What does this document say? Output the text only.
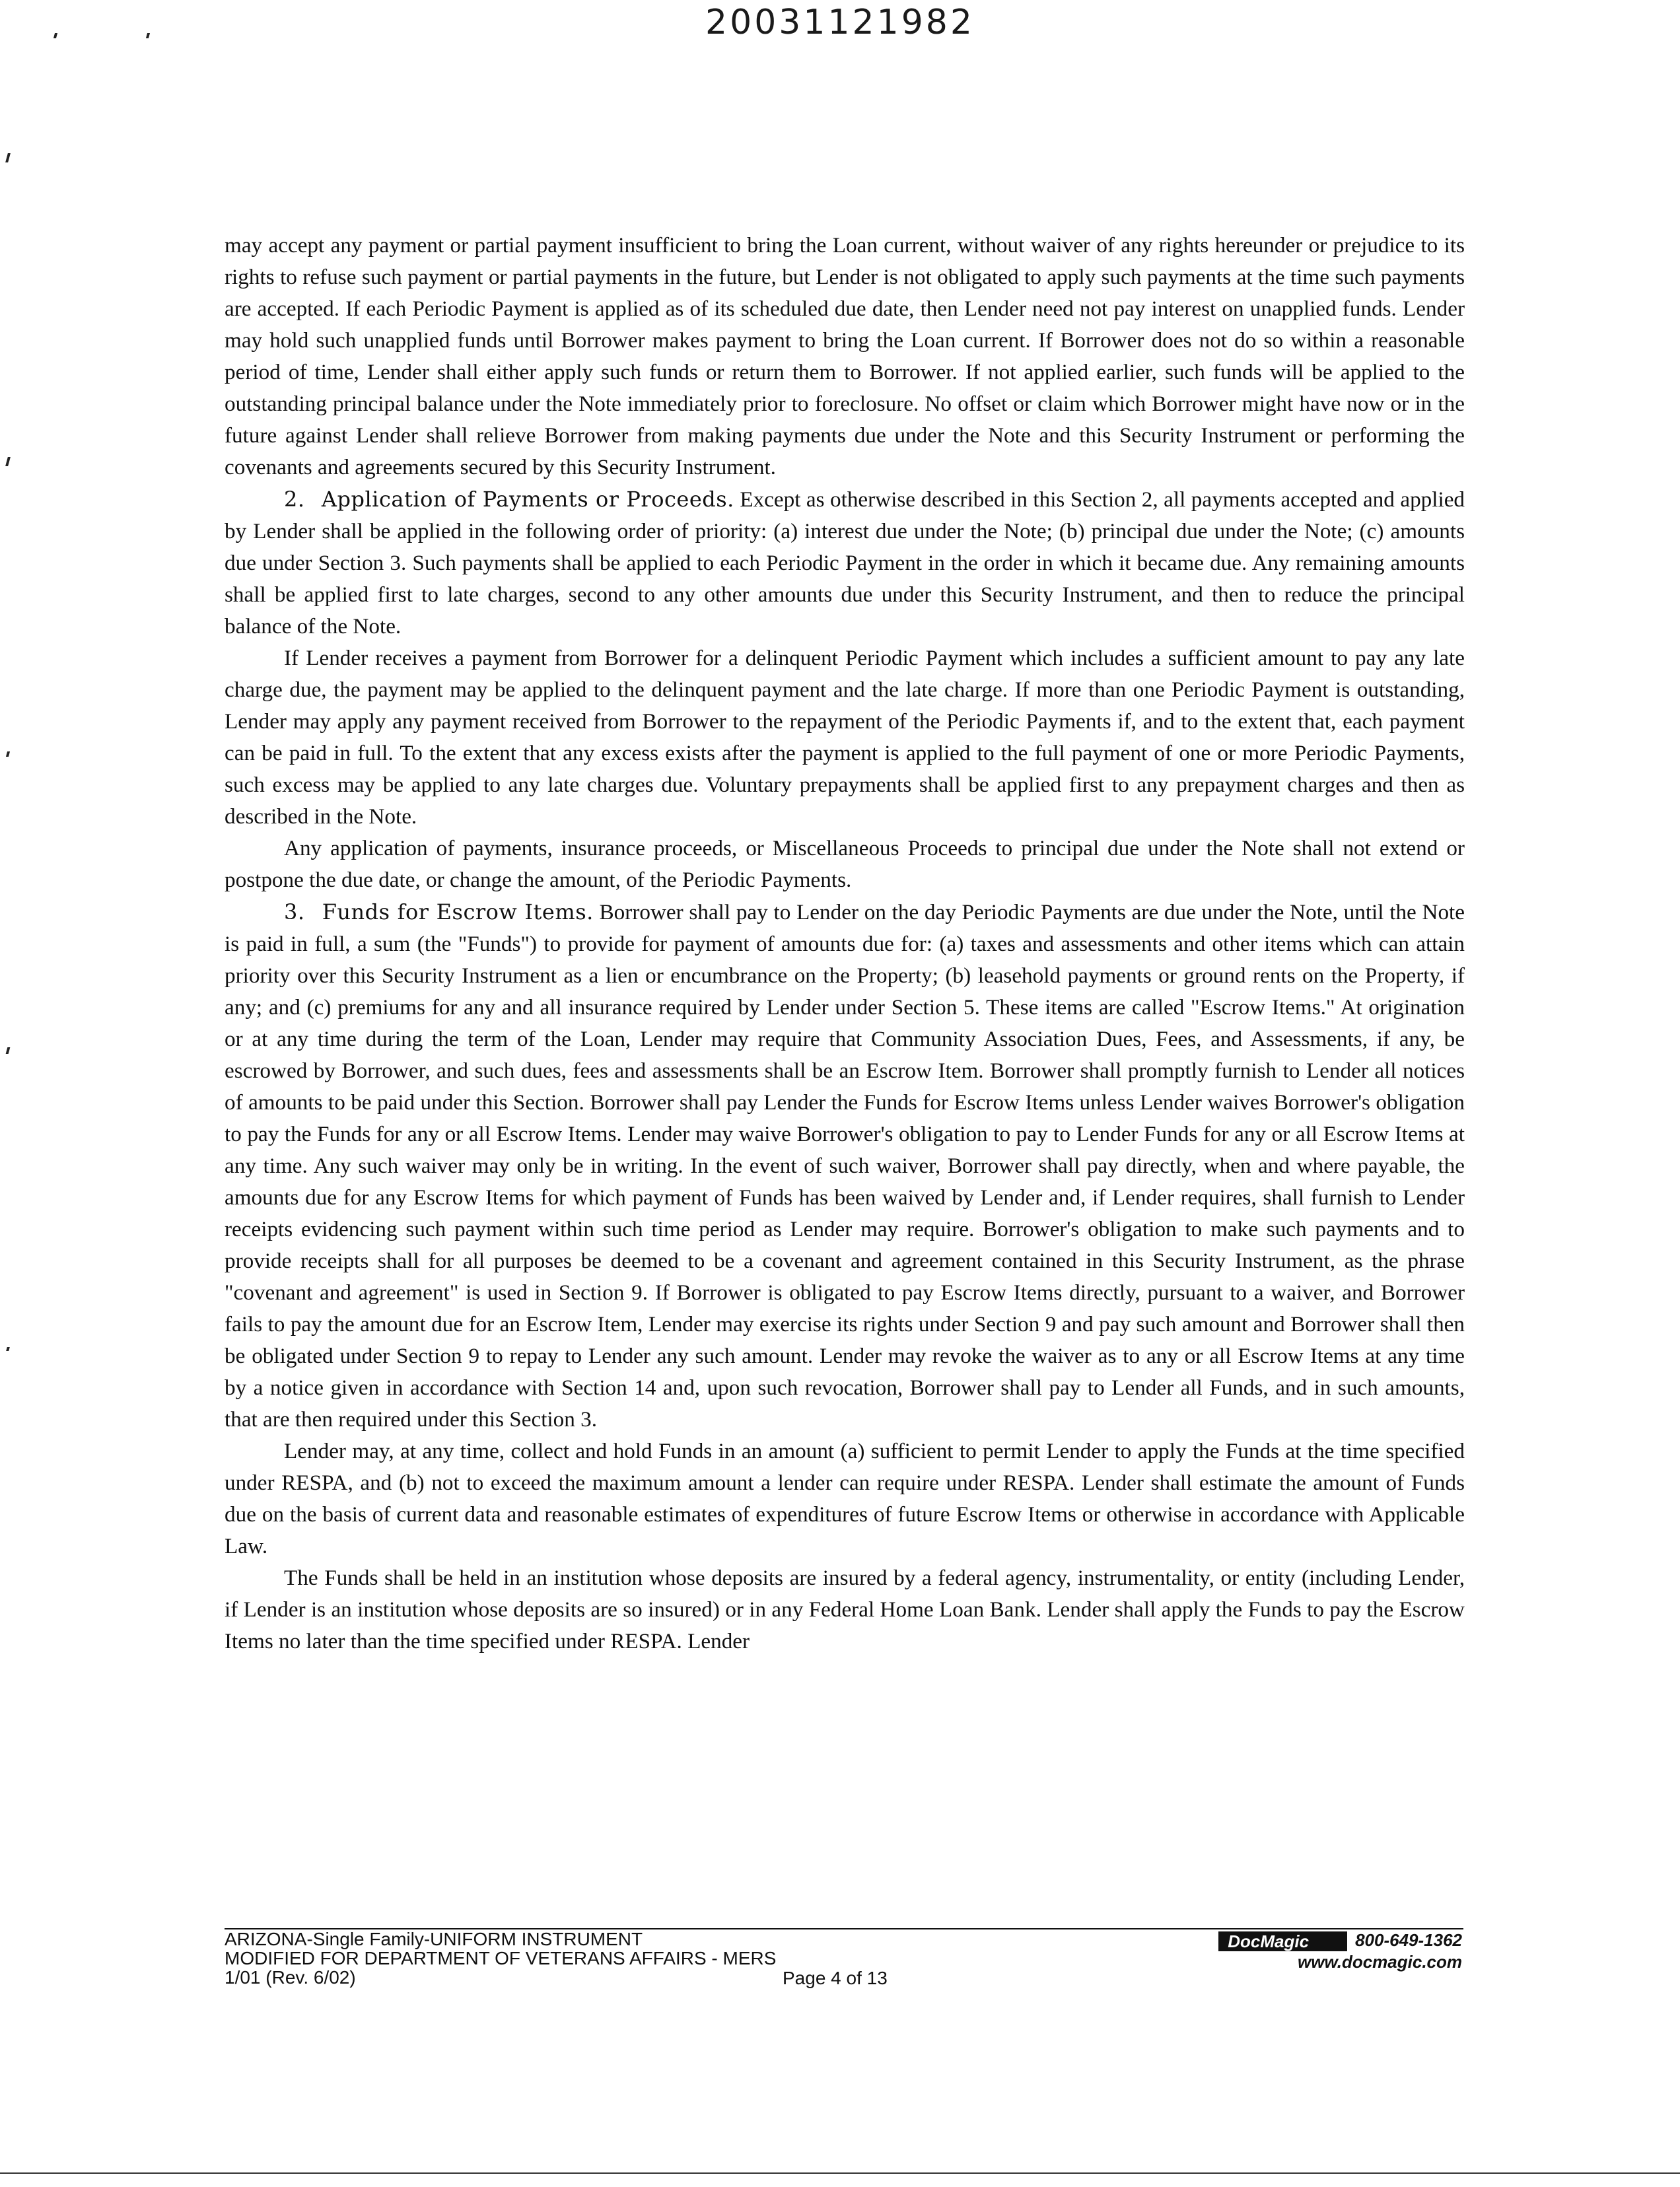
20031121982

may accept any payment or partial payment insufficient to bring the Loan current, without waiver of any rights hereunder or prejudice to its rights to refuse such payment or partial payments in the future, but Lender is not obligated to apply such payments at the time such payments are accepted. If each Periodic Payment is applied as of its scheduled due date, then Lender need not pay interest on unapplied funds. Lender may hold such unapplied funds until Borrower makes payment to bring the Loan current. If Borrower does not do so within a reasonable period of time, Lender shall either apply such funds or return them to Borrower. If not applied earlier, such funds will be applied to the outstanding principal balance under the Note immediately prior to foreclosure. No offset or claim which Borrower might have now or in the future against Lender shall relieve Borrower from making payments due under the Note and this Security Instrument or performing the covenants and agreements secured by this Security Instrument.

2. Application of Payments or Proceeds. Except as otherwise described in this Section 2, all payments accepted and applied by Lender shall be applied in the following order of priority: (a) interest due under the Note; (b) principal due under the Note; (c) amounts due under Section 3. Such payments shall be applied to each Periodic Payment in the order in which it became due. Any remaining amounts shall be applied first to late charges, second to any other amounts due under this Security Instrument, and then to reduce the principal balance of the Note.

If Lender receives a payment from Borrower for a delinquent Periodic Payment which includes a sufficient amount to pay any late charge due, the payment may be applied to the delinquent payment and the late charge. If more than one Periodic Payment is outstanding, Lender may apply any payment received from Borrower to the repayment of the Periodic Payments if, and to the extent that, each payment can be paid in full. To the extent that any excess exists after the payment is applied to the full payment of one or more Periodic Payments, such excess may be applied to any late charges due. Voluntary prepayments shall be applied first to any prepayment charges and then as described in the Note.

Any application of payments, insurance proceeds, or Miscellaneous Proceeds to principal due under the Note shall not extend or postpone the due date, or change the amount, of the Periodic Payments.

3. Funds for Escrow Items. Borrower shall pay to Lender on the day Periodic Payments are due under the Note, until the Note is paid in full, a sum (the "Funds") to provide for payment of amounts due for: (a) taxes and assessments and other items which can attain priority over this Security Instrument as a lien or encumbrance on the Property; (b) leasehold payments or ground rents on the Property, if any; and (c) premiums for any and all insurance required by Lender under Section 5. These items are called "Escrow Items." At origination or at any time during the term of the Loan, Lender may require that Community Association Dues, Fees, and Assessments, if any, be escrowed by Borrower, and such dues, fees and assessments shall be an Escrow Item. Borrower shall promptly furnish to Lender all notices of amounts to be paid under this Section. Borrower shall pay Lender the Funds for Escrow Items unless Lender waives Borrower's obligation to pay the Funds for any or all Escrow Items. Lender may waive Borrower's obligation to pay to Lender Funds for any or all Escrow Items at any time. Any such waiver may only be in writing. In the event of such waiver, Borrower shall pay directly, when and where payable, the amounts due for any Escrow Items for which payment of Funds has been waived by Lender and, if Lender requires, shall furnish to Lender receipts evidencing such payment within such time period as Lender may require. Borrower's obligation to make such payments and to provide receipts shall for all purposes be deemed to be a covenant and agreement contained in this Security Instrument, as the phrase "covenant and agreement" is used in Section 9. If Borrower is obligated to pay Escrow Items directly, pursuant to a waiver, and Borrower fails to pay the amount due for an Escrow Item, Lender may exercise its rights under Section 9 and pay such amount and Borrower shall then be obligated under Section 9 to repay to Lender any such amount. Lender may revoke the waiver as to any or all Escrow Items at any time by a notice given in accordance with Section 14 and, upon such revocation, Borrower shall pay to Lender all Funds, and in such amounts, that are then required under this Section 3.

Lender may, at any time, collect and hold Funds in an amount (a) sufficient to permit Lender to apply the Funds at the time specified under RESPA, and (b) not to exceed the maximum amount a lender can require under RESPA. Lender shall estimate the amount of Funds due on the basis of current data and reasonable estimates of expenditures of future Escrow Items or otherwise in accordance with Applicable Law.

The Funds shall be held in an institution whose deposits are insured by a federal agency, instrumentality, or entity (including Lender, if Lender is an institution whose deposits are so insured) or in any Federal Home Loan Bank. Lender shall apply the Funds to pay the Escrow Items no later than the time specified under RESPA. Lender

ARIZONA-Single Family-UNIFORM INSTRUMENT
MODIFIED FOR DEPARTMENT OF VETERANS AFFAIRS - MERS
1/01 (Rev. 6/02)	Page 4 of 13
DocMagic	800-649-1362
www.docmagic.com
